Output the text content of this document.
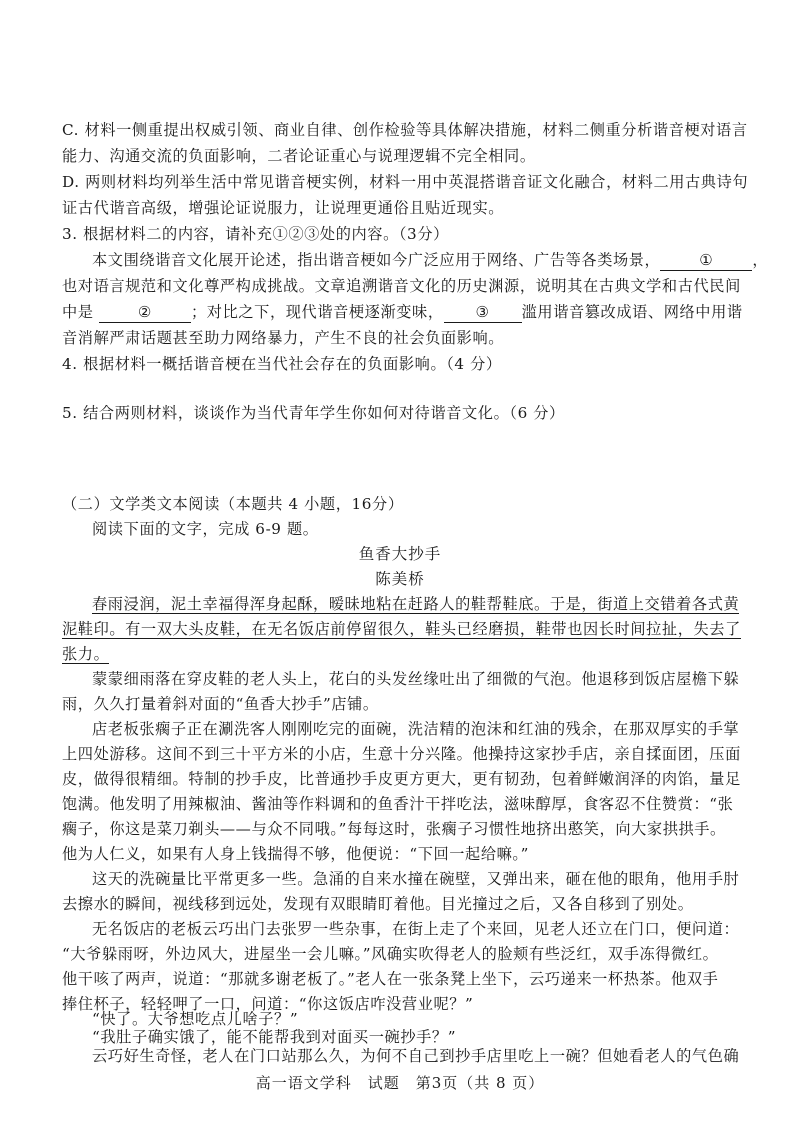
C. 材料一侧重提出权威引领、商业自律、创作检验等具体解决措施，材料二侧重分析谐音梗对语言
能力、沟通交流的负面影响，二者论证重心与说理逻辑不完全相同。
D. 两则材料均列举生活中常见谐音梗实例，材料一用中英混搭谐音证文化融合，材料二用古典诗句
证古代谐音高级，增强论证说服力，让说理更通俗且贴近现实。
3. 根据材料二的内容，请补充①②③处的内容。（3分）
本文围绕谐音文化展开论述，指出谐音梗如今广泛应用于网络、广告等各类场景，	①	，
也对语言规范和文化尊严构成挑战。文章追溯谐音文化的历史渊源，说明其在古典文学和古代民间
中是	②	；对比之下，现代谐音梗逐渐变味， ③ 滥用谐音篡改成语、网络中用谐
音消解严肃话题甚至助力网络暴力，产生不良的社会负面影响。
4. 根据材料一概括谐音梗在当代社会存在的负面影响。（4 分）
5. 结合两则材料，谈谈作为当代青年学生你如何对待谐音文化。（6 分）
（二）文学类文本阅读（本题共 4 小题，16分）
阅读下面的文字，完成 6-9 题。
鱼香大抄手
陈美桥
春雨浸润，泥土幸福得浑身起酥，暧昧地粘在赶路人的鞋帮鞋底。于是，街道上交错着各式黄
泥鞋印。有一双大头皮鞋，在无名饭店前停留很久，鞋头已经磨损，鞋带也因长时间拉扯，失去了
张力。
蒙蒙细雨落在穿皮鞋的老人头上，花白的头发丝缘吐出了细微的气泡。他退移到饭店屋檐下躲
雨，久久打量着斜对面的“鱼香大抄手”店铺。
店老板张瘸子正在涮洗客人刚刚吃完的面碗，洗洁精的泡沫和红油的残余，在那双厚实的手掌
上四处游移。这间不到三十平方米的小店，生意十分兴隆。他操持这家抄手店，亲自揉面团，压面
皮，做得很精细。特制的抄手皮，比普通抄手皮更方更大，更有韧劲，包着鲜嫩润泽的肉馅，量足
饱满。他发明了用辣椒油、酱油等作料调和的鱼香汁干拌吃法，滋味醇厚，食客忍不住赞赏：“张
瘸子，你这是菜刀剃头——与众不同哦。”每每这时，张瘸子习惯性地挤出憨笑，向大家拱拱手。
他为人仁义，如果有人身上钱揣得不够，他便说：“下回一起给嘛。”
这天的洗碗量比平常更多一些。急涌的自来水撞在碗壁，又弹出来，砸在他的眼角，他用手肘
去擦水的瞬间，视线移到远处，发现有双眼睛盯着他。目光撞过之后，又各自移到了别处。
无名饭店的老板云巧出门去张罗一些杂事，在街上走了个来回，见老人还立在门口，便问道：
“大爷躲雨呀，外边风大，进屋坐一会儿嘛。”风确实吹得老人的脸颊有些泛红，双手冻得微红。
他干咳了两声，说道：“那就多谢老板了。”老人在一张条凳上坐下，云巧递来一杯热茶。他双手
捧住杯子，轻轻呷了一口，问道：“你这饭店咋没营业呢？”
“快了。大爷想吃点儿啥子？”
“我肚子确实饿了，能不能帮我到对面买一碗抄手？”
高一语文学科　试题　第3页（共 8 页）
云巧好生奇怪，老人在门口站那么久，为何不自己到抄手店里吃上一碗？但她看老人的气色确
